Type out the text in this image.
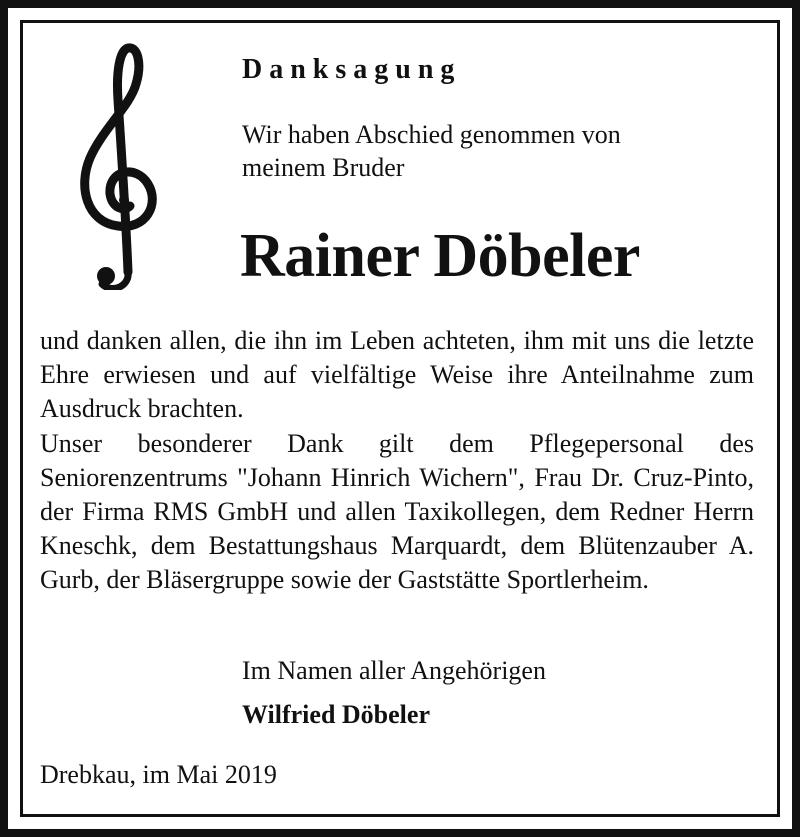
Danksagung
Wir haben Abschied genommen von
meinem Bruder
Rainer Döbeler

und danken allen, die ihn im Leben achteten, ihm mit uns die letzte Ehre erwiesen und auf vielfältige Weise ihre Anteilnahme zum Ausdruck brachten.

Unser besonderer Dank gilt dem Pflegepersonal des Seniorenzentrums "Johann Hinrich Wichern", Frau Dr. Cruz-Pinto, der Firma RMS GmbH und allen Taxikollegen, dem Redner Herrn Kneschk, dem Bestattungshaus Marquardt, dem Blütenzauber A. Gurb, der Bläsergruppe sowie der Gaststätte Sportlerheim.

Im Namen aller Angehörigen
Wilfried Döbeler
Drebkau, im Mai 2019
